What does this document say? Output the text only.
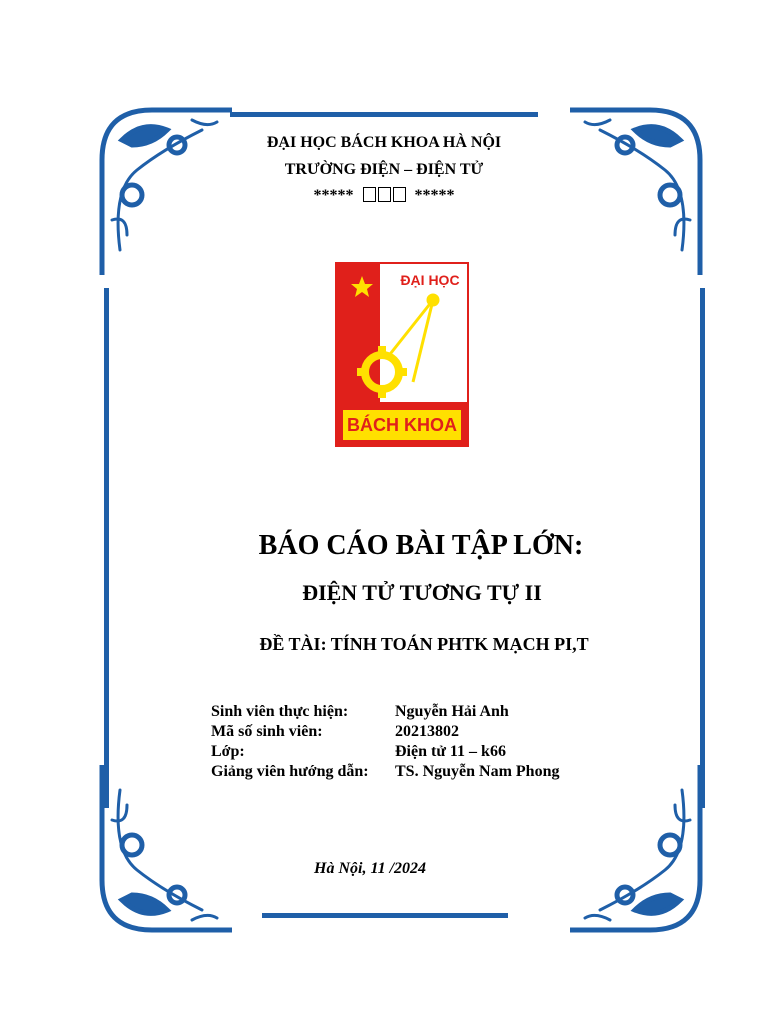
ĐẠI HỌC BÁCH KHOA HÀ NỘI
TRƯỜNG ĐIỆN – ĐIỆN TỬ
*****	*****
ĐẠI HỌC
BÁCH KHOA
BÁO CÁO BÀI TẬP LỚN:
ĐIỆN TỬ TƯƠNG TỰ II
ĐỀ TÀI: TÍNH TOÁN PHTK MẠCH PI,T
Sinh viên thực hiện:	Nguyễn Hải Anh
Mã số sinh viên:	20213802
Lớp:	Điện tử 11 – k66
Giảng viên hướng dẫn: TS. Nguyễn Nam Phong
Hà Nội, 11 /2024
